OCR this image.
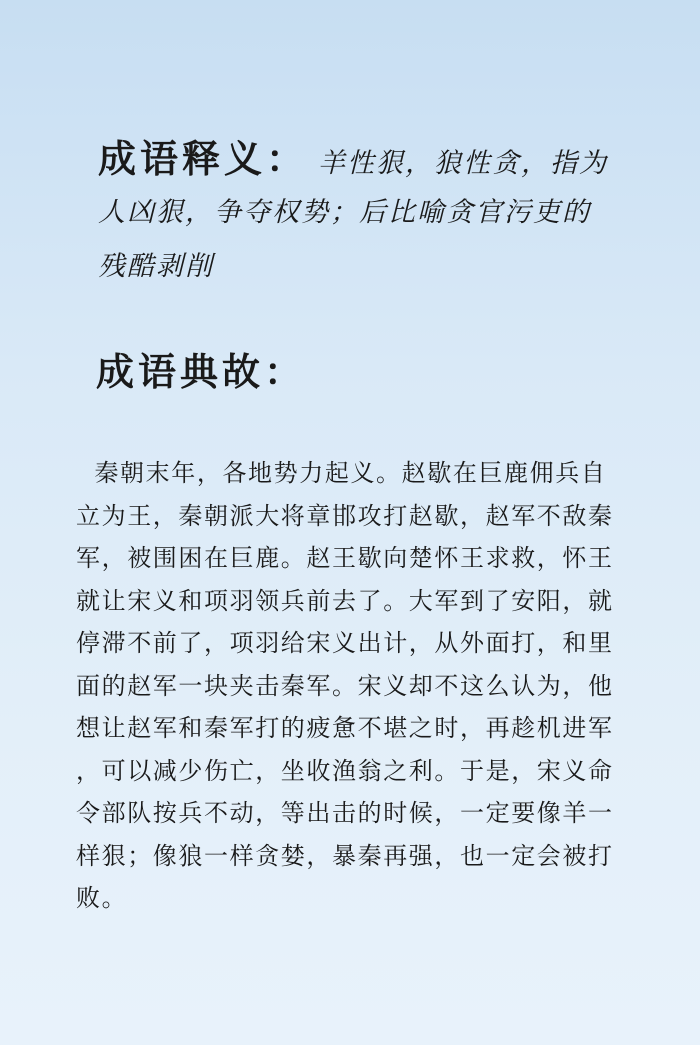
成语释义： 羊性狠，狼性贪，指为
人凶狠，争夺权势；后比喻贪官污吏的
残酷剥削
成语典故：
秦朝末年，各地势力起义。赵歇在巨鹿佣兵自
立为王，秦朝派大将章邯攻打赵歇，赵军不敌秦
军，被围困在巨鹿。赵王歇向楚怀王求救，怀王
就让宋义和项羽领兵前去了。大军到了安阳，就
停滞不前了，项羽给宋义出计，从外面打，和里
面的赵军一块夹击秦军。宋义却不这么认为，他
想让赵军和秦军打的疲惫不堪之时，再趁机进军
，可以减少伤亡，坐收渔翁之利。于是，宋义命
令部队按兵不动，等出击的时候，一定要像羊一
样狠；像狼一样贪婪，暴秦再强，也一定会被打
败。
